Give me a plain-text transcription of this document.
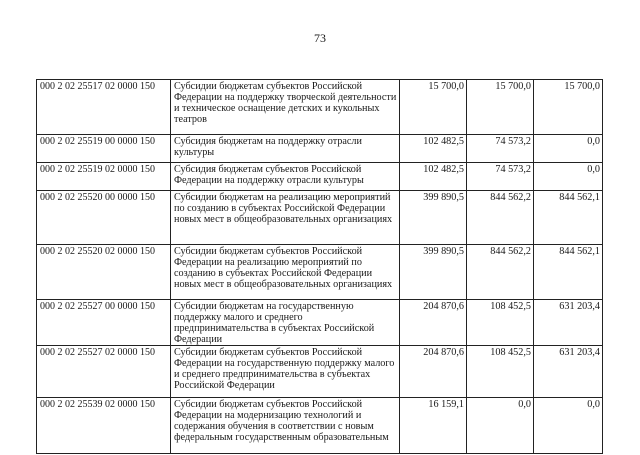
73
000 2 02 25517 02 0000 150	Субсидии бюджетам субъектов Российской Федерации на поддержку творческой деятельности и техническое оснащение детских и кукольных театров	15 700,0	15 700,0	15 700,0
000 2 02 25519 00 0000 150	Субсидия бюджетам на поддержку отрасли культуры	102 482,5	74 573,2	0,0
000 2 02 25519 02 0000 150	Субсидия бюджетам субъектов Российской Федерации на поддержку отрасли культуры	102 482,5	74 573,2	0,0
000 2 02 25520 00 0000 150	Субсидии бюджетам на реализацию мероприятий по созданию в субъектах Российской Федерации новых мест в общеобразовательных организациях	399 890,5	844 562,2	844 562,1
000 2 02 25520 02 0000 150	Субсидии бюджетам субъектов Российской Федерации на реализацию мероприятий по созданию в субъектах Российской Федерации новых мест в общеобразовательных организациях	399 890,5	844 562,2	844 562,1
000 2 02 25527 00 0000 150	Субсидии бюджетам на государственную поддержку малого и среднего предпринимательства в субъектах Российской Федерации	204 870,6	108 452,5	631 203,4
000 2 02 25527 02 0000 150	Субсидии бюджетам субъектов Российской Федерации на государственную поддержку малого и среднего предпринимательства в субъектах Российской Федерации	204 870,6	108 452,5	631 203,4
000 2 02 25539 02 0000 150	Субсидии бюджетам субъектов Российской Федерации на модернизацию технологий и содержания обучения в соответствии с новым федеральным государственным образовательным	16 159,1	0,0	0,0
